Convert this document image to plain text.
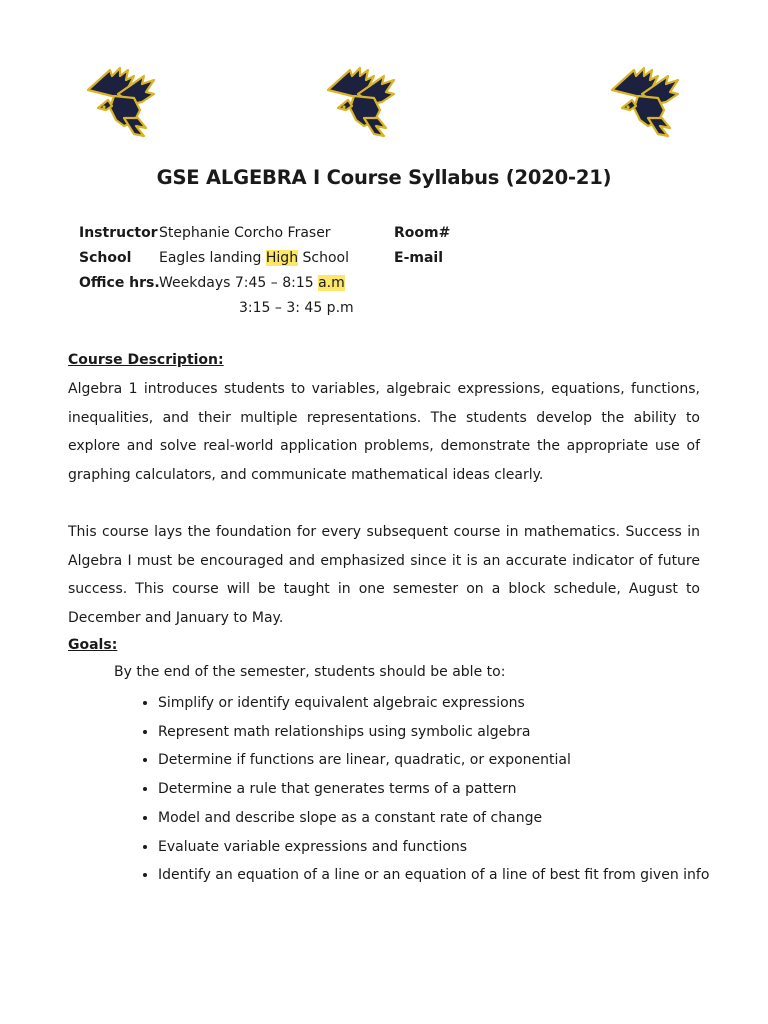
GSE ALGEBRA I Course Syllabus (2020-21)
Instructor
School
Office hrs.
Stephanie Corcho Fraser
Eagles landing High School
Weekdays 7:45 – 8:15 a.m
3:15 – 3: 45 p.m
Room#
E-mail
Course Description:

Algebra 1 introduces students to variables, algebraic expressions, equations, functions, inequalities, and their multiple representations. The students develop the ability to explore and solve real-world application problems, demonstrate the appropriate use of graphing calculators, and communicate mathematical ideas clearly.

This course lays the foundation for every subsequent course in mathematics. Success in Algebra I must be encouraged and emphasized since it is an accurate indicator of future success. This course will be taught in one semester on a block schedule, August to December and January to May.

Goals:
By the end of the semester, students should be able to:
• Simplify or identify equivalent algebraic expressions
• Represent math relationships using symbolic algebra
• Determine if functions are linear, quadratic, or exponential
• Determine a rule that generates terms of a pattern
• Model and describe slope as a constant rate of change
• Evaluate variable expressions and functions
• Identify an equation of a line or an equation of a line of best fit from given info
